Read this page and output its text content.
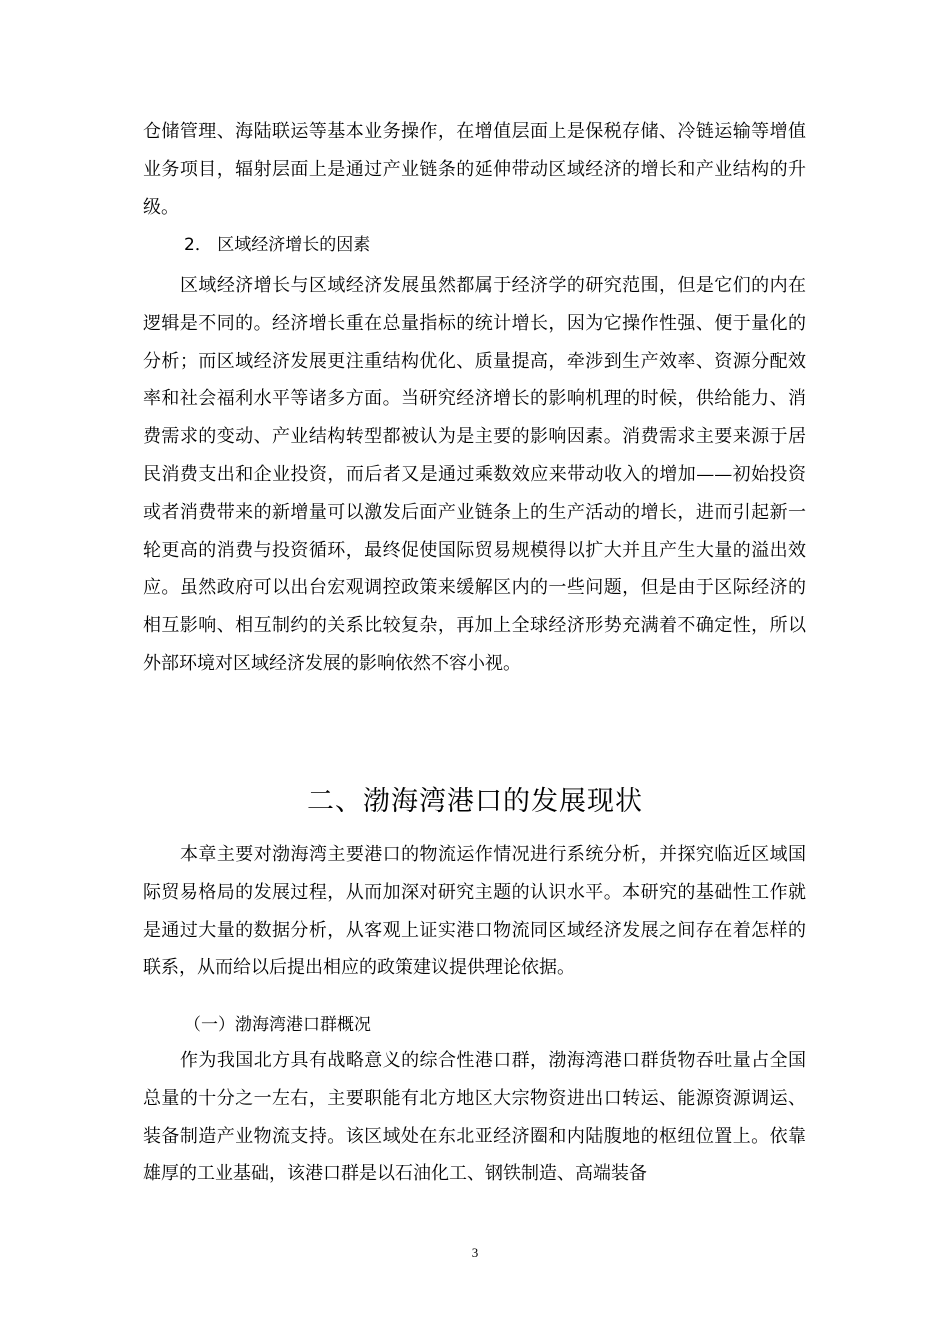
仓储管理、海陆联运等基本业务操作，在增值层面上是保税存储、冷链运输等增值业务项目，辐射层面上是通过产业链条的延伸带动区域经济的增长和产业结构的升级。

2． 区域经济增长的因素

区域经济增长与区域经济发展虽然都属于经济学的研究范围，但是它们的内在逻辑是不同的。经济增长重在总量指标的统计增长，因为它操作性强、便于量化的分析；而区域经济发展更注重结构优化、质量提高，牵涉到生产效率、资源分配效率和社会福利水平等诸多方面。当研究经济增长的影响机理的时候，供给能力、消费需求的变动、产业结构转型都被认为是主要的影响因素。消费需求主要来源于居民消费支出和企业投资，而后者又是通过乘数效应来带动收入的增加——初始投资或者消费带来的新增量可以激发后面产业链条上的生产活动的增长，进而引起新一轮更高的消费与投资循环，最终促使国际贸易规模得以扩大并且产生大量的溢出效应。虽然政府可以出台宏观调控政策来缓解区内的一些问题，但是由于区际经济的相互影响、相互制约的关系比较复杂，再加上全球经济形势充满着不确定性，所以外部环境对区域经济发展的影响依然不容小视。

二、渤海湾港口的发展现状

本章主要对渤海湾主要港口的物流运作情况进行系统分析，并探究临近区域国际贸易格局的发展过程，从而加深对研究主题的认识水平。本研究的基础性工作就是通过大量的数据分析，从客观上证实港口物流同区域经济发展之间存在着怎样的联系，从而给以后提出相应的政策建议提供理论依据。

（一）渤海湾港口群概况

作为我国北方具有战略意义的综合性港口群，渤海湾港口群货物吞吐量占全国总量的十分之一左右，主要职能有北方地区大宗物资进出口转运、能源资源调运、装备制造产业物流支持。该区域处在东北亚经济圈和内陆腹地的枢纽位置上。依靠雄厚的工业基础，该港口群是以石油化工、钢铁制造、高端装备

3
